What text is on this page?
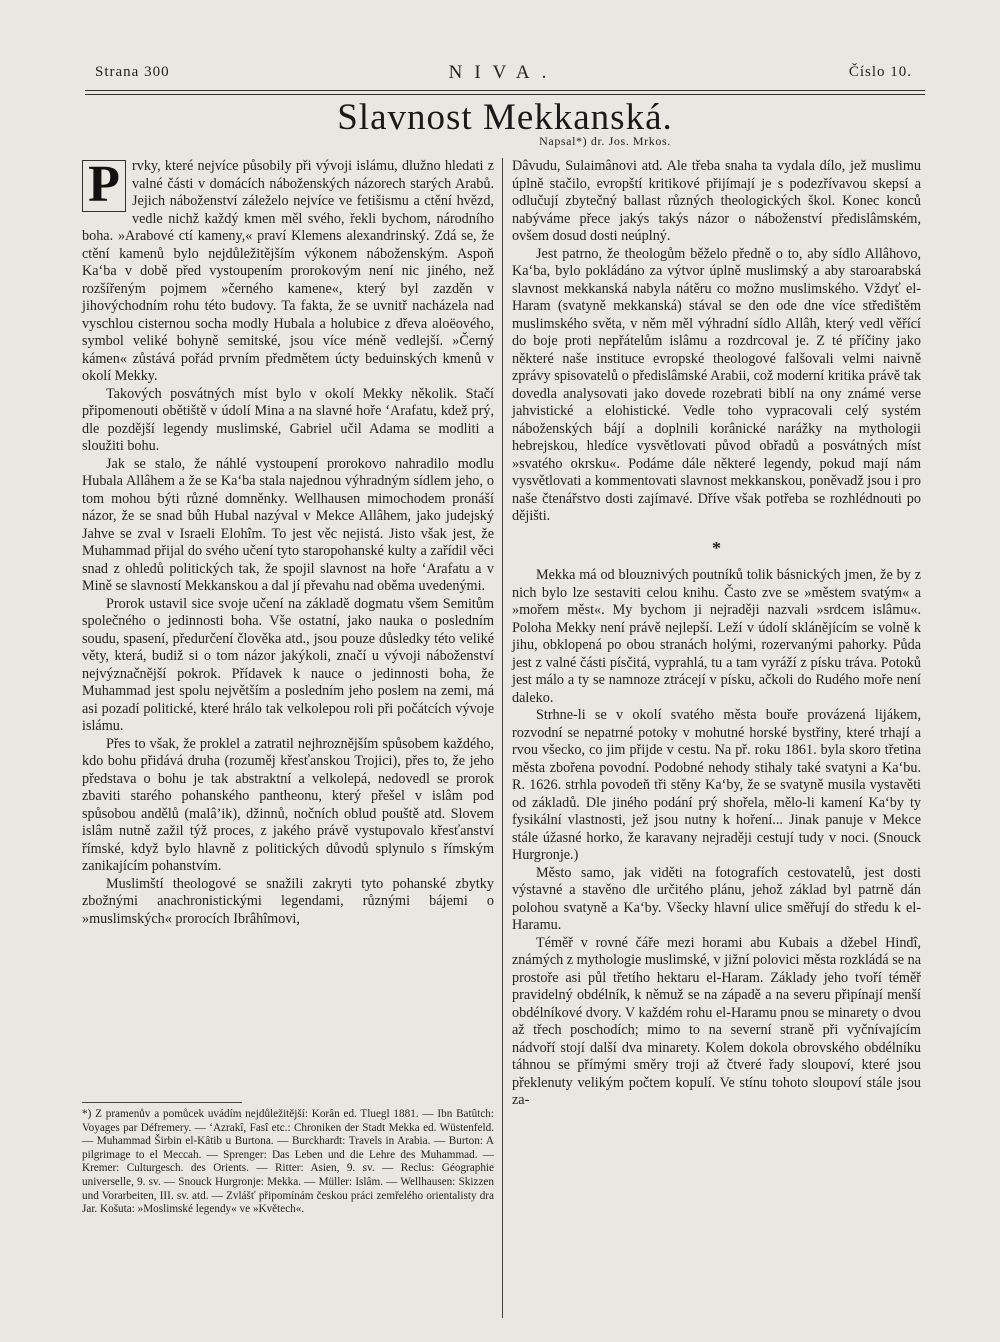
Strana 300	NIVA.	Číslo 10.
Slavnost Mekkanská.
Napsal*) dr. Jos. Mrkos.

P rvky, které nejvíce působily při vývoji islámu, dlužno hledati z valné části v domácích náboženských názorech starých Arabů. Jejich náboženství záleželo nejvíce ve fetišismu a ctění hvězd, vedle nichž každý kmen měl svého, řekli bychom, národního boha. »Arabové ctí kameny,« praví Klemens alexandrinský. Zdá se, že ctění kamenů bylo nejdůležitějším výkonem náboženským. Aspoň Ka‘ba v době před vystoupením prorokovým není nic jiného, než rozšířeným pojmem »černého kamene«, který byl zazděn v jihovýchodním rohu této budovy. Ta fakta, že se uvnitř nacházela nad vyschlou cisternou socha modly Hubala a holubice z dřeva aloëového, symbol veliké bohyně semitské, jsou více méně vedlejší. »Černý kámen« zůstává pořád prvním předmětem úcty beduinských kmenů v okolí Mekky.

Takových posvátných míst bylo v okolí Mekky několik. Stačí připomenouti obětiště v údolí Mina a na slavné hoře ‘Arafatu, kdež prý, dle pozdější legendy muslimské, Gabriel učil Adama se modliti a sloužiti bohu.

Jak se stalo, že náhlé vystoupení prorokovo nahradilo modlu Hubala Allâhem a že se Ka‘ba stala najednou výhradným sídlem jeho, o tom mohou býti různé domněnky. Wellhausen mimochodem pronáší názor, že se snad bůh Hubal nazýval v Mekce Allâhem, jako judejský Jahve se zval v Israeli Elohîm. To jest věc nejistá. Jisto však jest, že Muhammad přijal do svého učení tyto staropohanské kulty a zařídil věci snad z ohledů politických tak, že spojil slavnost na hoře ‘Arafatu a v Mině se slavností Mekkanskou a dal jí převahu nad oběma uvedenými.

Prorok ustavil sice svoje učení na základě dogmatu všem Semitům společného o jedinnosti boha. Vše ostatní, jako nauka o posledním soudu, spasení, předurčení člověka atd., jsou pouze důsledky této veliké věty, která, budiž si o tom názor jakýkoli, značí u vývoji náboženství nejvýznačnější pokrok. Přídavek k nauce o jedinnosti boha, že Muhammad jest spolu největším a posledním jeho poslem na zemi, má asi pozadí politické, které hrálo tak velkolepou roli při počátcích vývoje islámu.

Přes to však, že proklel a zatratil nejhroznějším spůsobem každého, kdo bohu přidává druha (rozuměj křesťanskou Trojici), přes to, že jeho představa o bohu je tak abstraktní a velkolepá, nedovedl se prorok zbaviti starého pohanského pantheonu, který přešel v islâm pod spůsobou andělů (malâ’ik), džinnů, nočních oblud pouště atd. Slovem islâm nutně zažil týž proces, z jakého právě vystupovalo křesťanství římské, když bylo hlavně z politických důvodů splynulo s římským zanikajícím pohanstvím.

Muslimští theologové se snažili zakryti tyto pohanské zbytky zbožnými anachronistickými legendami, různými bájemi o »muslimských« prorocích Ibrâhîmovi,

Dâvudu, Sulaimânovi atd. Ale třeba snaha ta vydala dílo, jež muslimu úplně stačilo, evropští kritikové přijímají je s podezřívavou skepsí a odlučují zbytečný ballast různých theologických škol. Konec konců nabýváme přece jakýs takýs názor o náboženství předislâmském, ovšem dosud dosti neúplný.

Jest patrno, že theologům běželo předně o to, aby sídlo Allâhovo, Ka‘ba, bylo pokládáno za výtvor úplně muslimský a aby staroarabská slavnost mekkanská nabyla nátěru co možno muslimského. Vždyť el-Haram (svatyně mekkanská) stával se den ode dne více středištěm muslimského světa, v něm měl výhradní sídlo Allâh, který vedl věřící do boje proti nepřátelům islâmu a rozdrcoval je. Z té příčiny jako některé naše instituce evropské theologové falšovali velmi naivně zprávy spisovatelů o předislâmské Arabii, což moderní kritika právě tak dovedla analysovati jako dovede rozebrati biblí na ony známé verse jahvistické a elohistické. Vedle toho vypracovali celý systém náboženských bájí a doplnili korânické narážky na mythologii hebrejskou, hledíce vysvětlovati původ obřadů a posvátných míst »svatého okrsku«. Podáme dále některé legendy, pokud mají nám vysvětlovati a kommentovati slavnost mekkanskou, poněvadž jsou i pro naše čtenářstvo dosti zajímavé. Dříve však potřeba se rozhlédnouti po dějišti.

*

Mekka má od blouznivých poutníků tolik básnických jmen, že by z nich bylo lze sestaviti celou knihu. Často zve se »městem svatým« a »mořem měst«. My bychom ji nejraději nazvali »srdcem islâmu«. Poloha Mekky není právě nejlepší. Leží v údolí sklánějícím se volně k jihu, obklopená po obou stranách holými, rozervanými pahorky. Půda jest z valné části písčitá, vyprahlá, tu a tam vyráží z písku tráva. Potoků jest málo a ty se namnoze ztrácejí v písku, ačkoli do Rudého moře není daleko.

Strhne-li se v okolí svatého města bouře provázená lijákem, rozvodní se nepatrné potoky v mohutné horské bystřiny, které trhají a rvou všecko, co jim přijde v cestu. Na př. roku 1861. byla skoro třetina města zbořena povodní. Podobné nehody stihaly také svatyni a Ka‘bu. R. 1626. strhla povodeň tři stěny Ka‘by, že se svatyně musila vystavěti od základů. Dle jiného podání prý shořela, mělo-li kamení Ka‘by ty fysikální vlastnosti, jež jsou nutny k hoření... Jinak panuje v Mekce stále úžasné horko, že karavany nejraději cestují tudy v noci. (Snouck Hurgronje.)

Město samo, jak viděti na fotografích cestovatelů, jest dosti výstavné a stavěno dle určitého plánu, jehož základ byl patrně dán polohou svatyně a Ka‘by. Všecky hlavní ulice směřují do středu k el-Haramu.

Téměř v rovné čáře mezi horami abu Kubais a džebel Hindî, známých z mythologie muslimské, v jižní polovici města rozkládá se na prostoře asi půl třetího hektaru el-Haram. Základy jeho tvoří téměř pravidelný obdélník, k němuž se na západě a na severu připínají menší obdélníkové dvory. V každém rohu el-Haramu pnou se minarety o dvou až třech poschodích; mimo to na severní straně při vyčnívajícím nádvoří stojí další dva minarety. Kolem dokola obrovského obdélníku táhnou se přímými směry troji až čtveré řady sloupoví, které jsou překlenuty velikým počtem kopulí. Ve stínu tohoto sloupoví stále jsou za-

*) Z pramenův a pomůcek uvádím nejdůležitější: Korân ed. Tluegl 1881. — Ibn Batûtch: Voyages par Défremery. — ‘Azrakî, Fasî etc.: Chroniken der Stadt Mekka ed. Wüstenfeld. — Muhammad Širbin el-Kâtib u Burtona. — Burckhardt: Travels in Arabia. — Burton: A pilgrimage to el Meccah. — Sprenger: Das Leben und die Lehre des Muhammad. — Kremer: Culturgesch. des Orients. — Ritter: Asien, 9. sv. — Reclus: Géographie universelle, 9. sv. — Snouck Hurgronje: Mekka. — Müller: Islâm. — Wellhausen: Skizzen und Vorarbeiten, III. sv. atd. — Zvlášť připomínám českou práci zemřelého orientalisty dra Jar. Košuta: »Moslimské legendy« ve »Květech«.
